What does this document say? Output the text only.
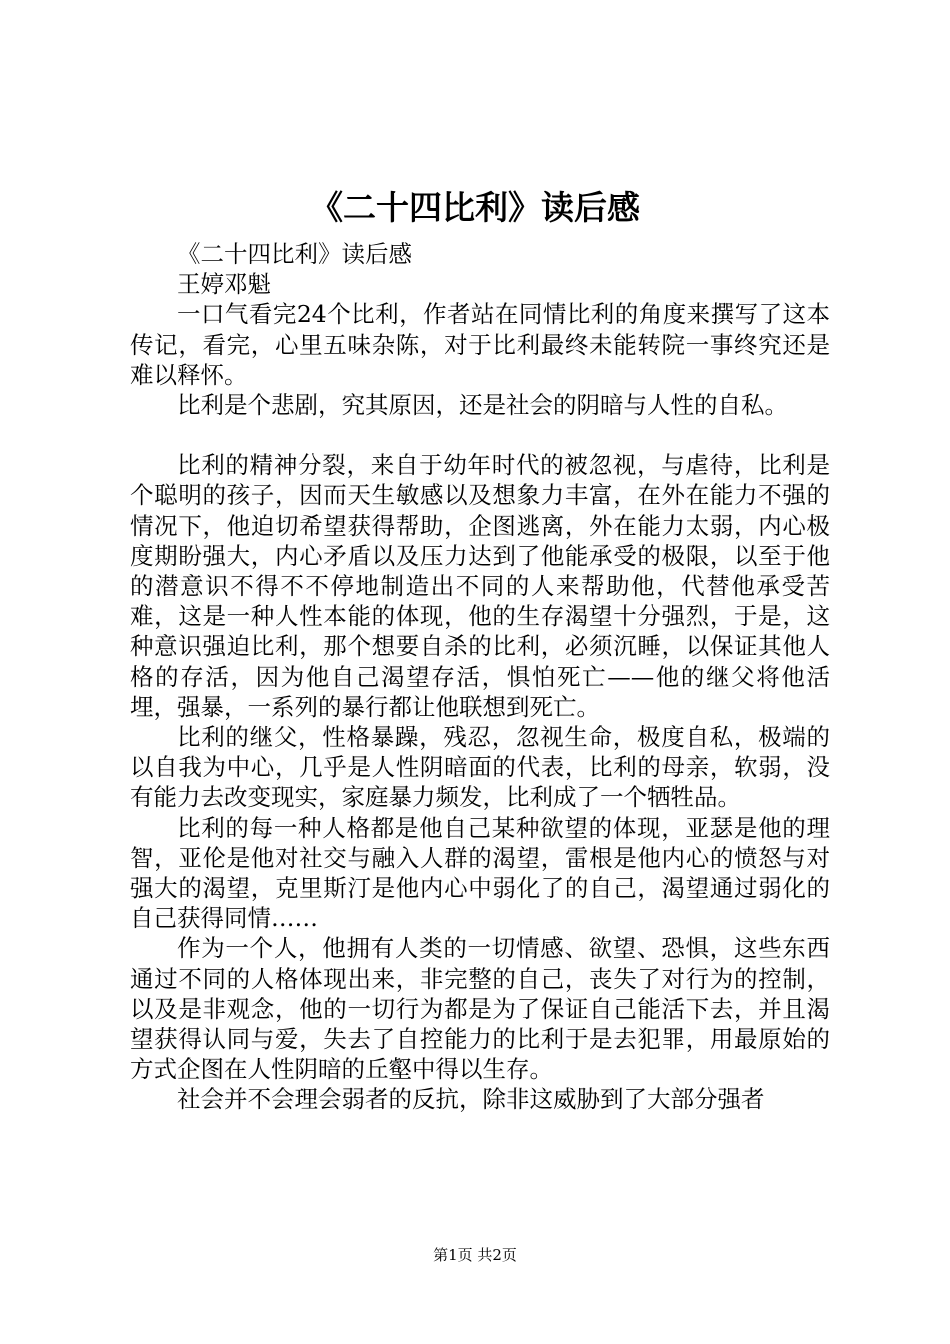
《二十四比利》读后感

《二十四比利》读后感

王婷邓魁

一口气看完24个比利，作者站在同情比利的角度来撰写了这本传记，看完，心里五味杂陈，对于比利最终未能转院一事终究还是难以释怀。

比利是个悲剧，究其原因，还是社会的阴暗与人性的自私。

比利的精神分裂，来自于幼年时代的被忽视，与虐待，比利是个聪明的孩子，因而天生敏感以及想象力丰富，在外在能力不强的情况下，他迫切希望获得帮助，企图逃离，外在能力太弱，内心极度期盼强大，内心矛盾以及压力达到了他能承受的极限，以至于他的潜意识不得不不停地制造出不同的人来帮助他，代替他承受苦难，这是一种人性本能的体现，他的生存渴望十分强烈，于是，这种意识强迫比利，那个想要自杀的比利，必须沉睡，以保证其他人格的存活，因为他自己渴望存活，惧怕死亡——他的继父将他活埋，强暴，一系列的暴行都让他联想到死亡。

比利的继父，性格暴躁，残忍，忽视生命，极度自私，极端的以自我为中心，几乎是人性阴暗面的代表，比利的母亲，软弱，没有能力去改变现实，家庭暴力频发，比利成了一个牺牲品。

比利的每一种人格都是他自己某种欲望的体现，亚瑟是他的理智，亚伦是他对社交与融入人群的渴望，雷根是他内心的愤怒与对强大的渴望，克里斯汀是他内心中弱化了的自己，渴望通过弱化的自己获得同情……

作为一个人，他拥有人类的一切情感、欲望、恐惧，这些东西通过不同的人格体现出来，非完整的自己，丧失了对行为的控制，以及是非观念，他的一切行为都是为了保证自己能活下去，并且渴望获得认同与爱，失去了自控能力的比利于是去犯罪，用最原始的方式企图在人性阴暗的丘壑中得以生存。

社会并不会理会弱者的反抗，除非这威胁到了大部分强者

第1页 共2页
